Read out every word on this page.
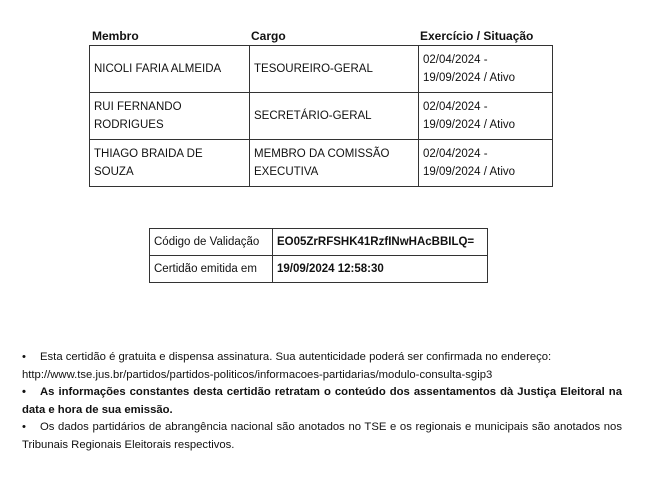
Membro	Cargo	Exercício / Situação
NICOLI FARIA ALMEIDA	TESOUREIRO-GERAL	02/04/2024 -
19/09/2024 / Ativo

RUI FERNANDO RODRIGUES	SECRETÁRIO-GERAL	02/04/2024 -
19/09/2024 / Ativo

THIAGO BRAIDA DE SOUZA	MEMBRO DA COMISSÃO EXECUTIVA	02/04/2024 -
19/09/2024 / Ativo
Código de Validação	EO05ZrRFSHK41RzfINwHAcBBILQ=
Certidão emitida em	19/09/2024 12:58:30

• Esta certidão é gratuita e dispensa assinatura. Sua autenticidade poderá ser confirmada no endereço:

http://www.tse.jus.br/partidos/partidos-politicos/informacoes-partidarias/modulo-consulta-sgip3

• As informações constantes desta certidão retratam o conteúdo dos assentamentos dà Justiça Eleitoral na data e hora de sua emissão.

• Os dados partidários de abrangência nacional são anotados no TSE e os regionais e municipais são anotados nos Tribunais Regionais Eleitorais respectivos.
